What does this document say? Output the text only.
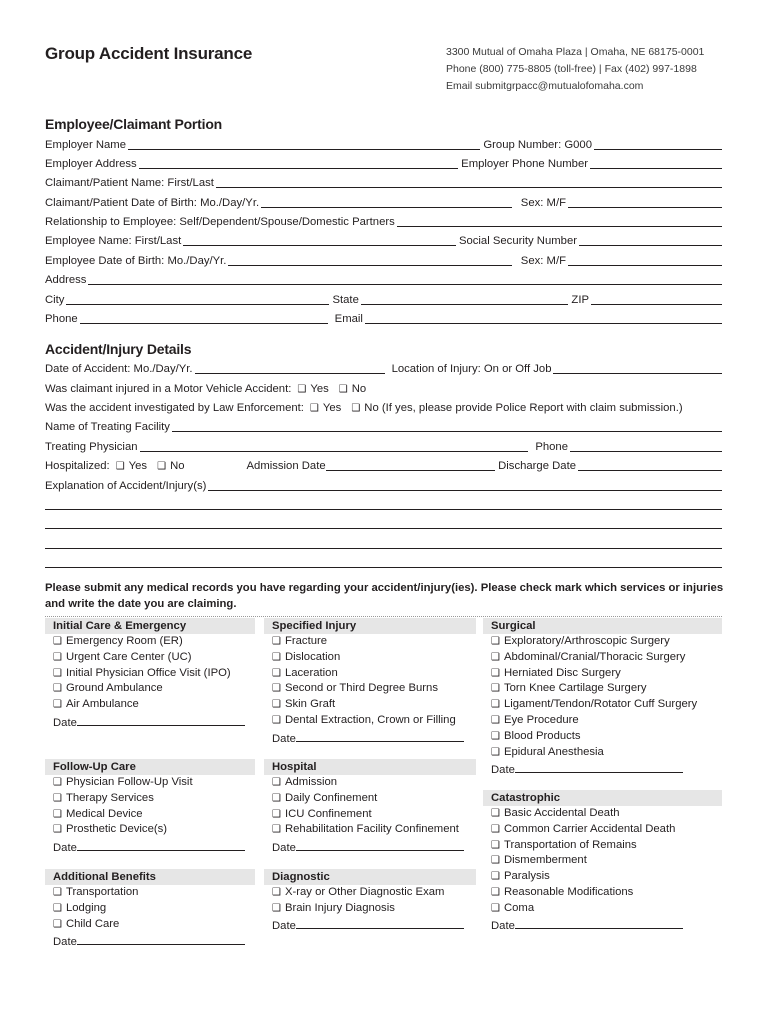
Group Accident Insurance	3300 Mutual of Omaha Plaza | Omaha, NE 68175-0001
Phone (800) 775-8805 (toll-free) | Fax (402) 997-1898
Email submitgrpacc@mutualofomaha.com
Employee/Claimant Portion
Employer Name	Group Number: G000
Employer Address	Employer Phone Number
Claimant/Patient Name: First/Last
Claimant/Patient Date of Birth: Mo./Day/Yr.	Sex: M/F
Relationship to Employee: Self/Dependent/Spouse/Domestic Partners
Employee Name: First/Last	Social Security Number
Employee Date of Birth: Mo./Day/Yr.	Sex: M/F
Address
City	State	ZIP
Phone	Email
Accident/Injury Details
Date of Accident: Mo./Day/Yr.	Location of Injury: On or Off Job
Was claimant injured in a Motor Vehicle Accident: ❑ Yes ❑ No
Was the accident investigated by Law Enforcement: ❑ Yes ❑ No (If yes, please provide Police Report with claim submission.)
Name of Treating Facility
Treating Physician	Phone
Hospitalized: ❑ Yes ❑ No	Admission Date	Discharge Date
Explanation of Accident/Injury(s)
Please submit any medical records you have regarding your accident/injury(ies). Please check mark which services or injuries and write the date you are claiming.
Initial Care & Emergency
❑ Emergency Room (ER)
❑ Urgent Care Center (UC)
❑ Initial Physician Office Visit (IPO)
❑ Ground Ambulance
❑ Air Ambulance
Date
Follow-Up Care
❑ Physician Follow-Up Visit
❑ Therapy Services
❑ Medical Device
❑ Prosthetic Device(s)
Date
Additional Benefits
❑ Transportation
❑ Lodging
❑ Child Care
Date
Specified Injury
❑ Fracture
❑ Dislocation
❑ Laceration
❑ Second or Third Degree Burns
❑ Skin Graft
❑ Dental Extraction, Crown or Filling
Date
Hospital
❑ Admission
❑ Daily Confinement
❑ ICU Confinement
❑ Rehabilitation Facility Confinement
Date
Diagnostic
❑ X-ray or Other Diagnostic Exam
❑ Brain Injury Diagnosis
Date
Surgical
❑ Exploratory/Arthroscopic Surgery
❑ Abdominal/Cranial/Thoracic Surgery
❑ Herniated Disc Surgery
❑ Torn Knee Cartilage Surgery
❑ Ligament/Tendon/Rotator Cuff Surgery
❑ Eye Procedure
❑ Blood Products
❑ Epidural Anesthesia
Date
Catastrophic
❑ Basic Accidental Death
❑ Common Carrier Accidental Death
❑ Transportation of Remains
❑ Dismemberment
❑ Paralysis
❑ Reasonable Modifications
❑ Coma
Date
